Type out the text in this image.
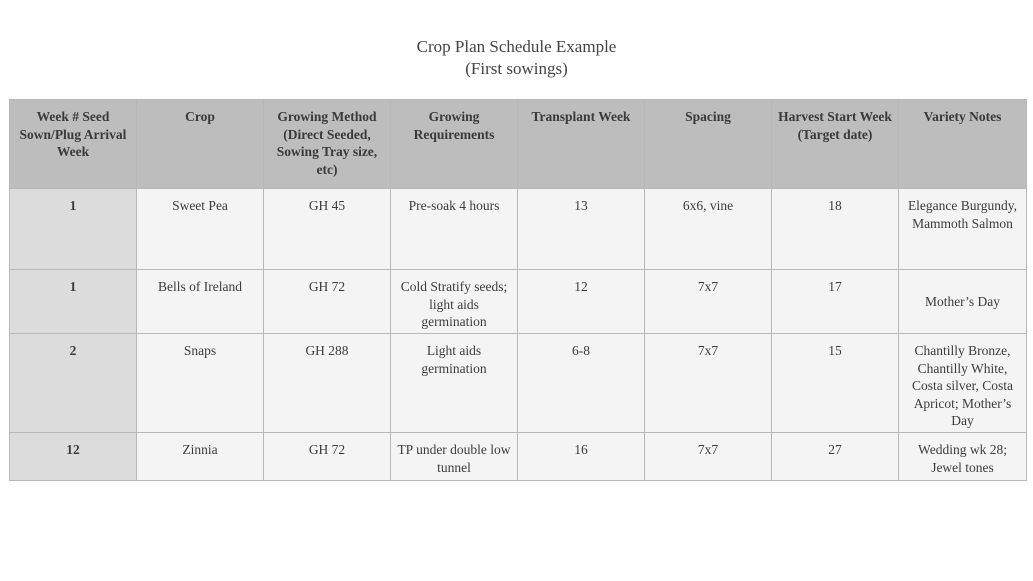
Crop Plan Schedule Example
(First sowings)
Week # Seed Sown/Plug Arrival Week	Crop	Growing Method (Direct Seeded, Sowing Tray size, etc)	Growing Requirements	Transplant Week	Spacing	Harvest Start Week (Target date)	Variety Notes
1	Sweet Pea	GH 45	Pre-soak 4 hours	13	6x6, vine	18	Elegance Burgundy, Mammoth Salmon
1	Bells of Ireland	GH 72	Cold Stratify seeds; light aids germination	12	7x7	17	Mother’s Day
2	Snaps	GH 288	Light aids germination	6-8	7x7	15	Chantilly Bronze, Chantilly White, Costa silver, Costa Apricot; Mother’s Day
12	Zinnia	GH 72	TP under double low tunnel	16	7x7	27	Wedding wk 28; Jewel tones
